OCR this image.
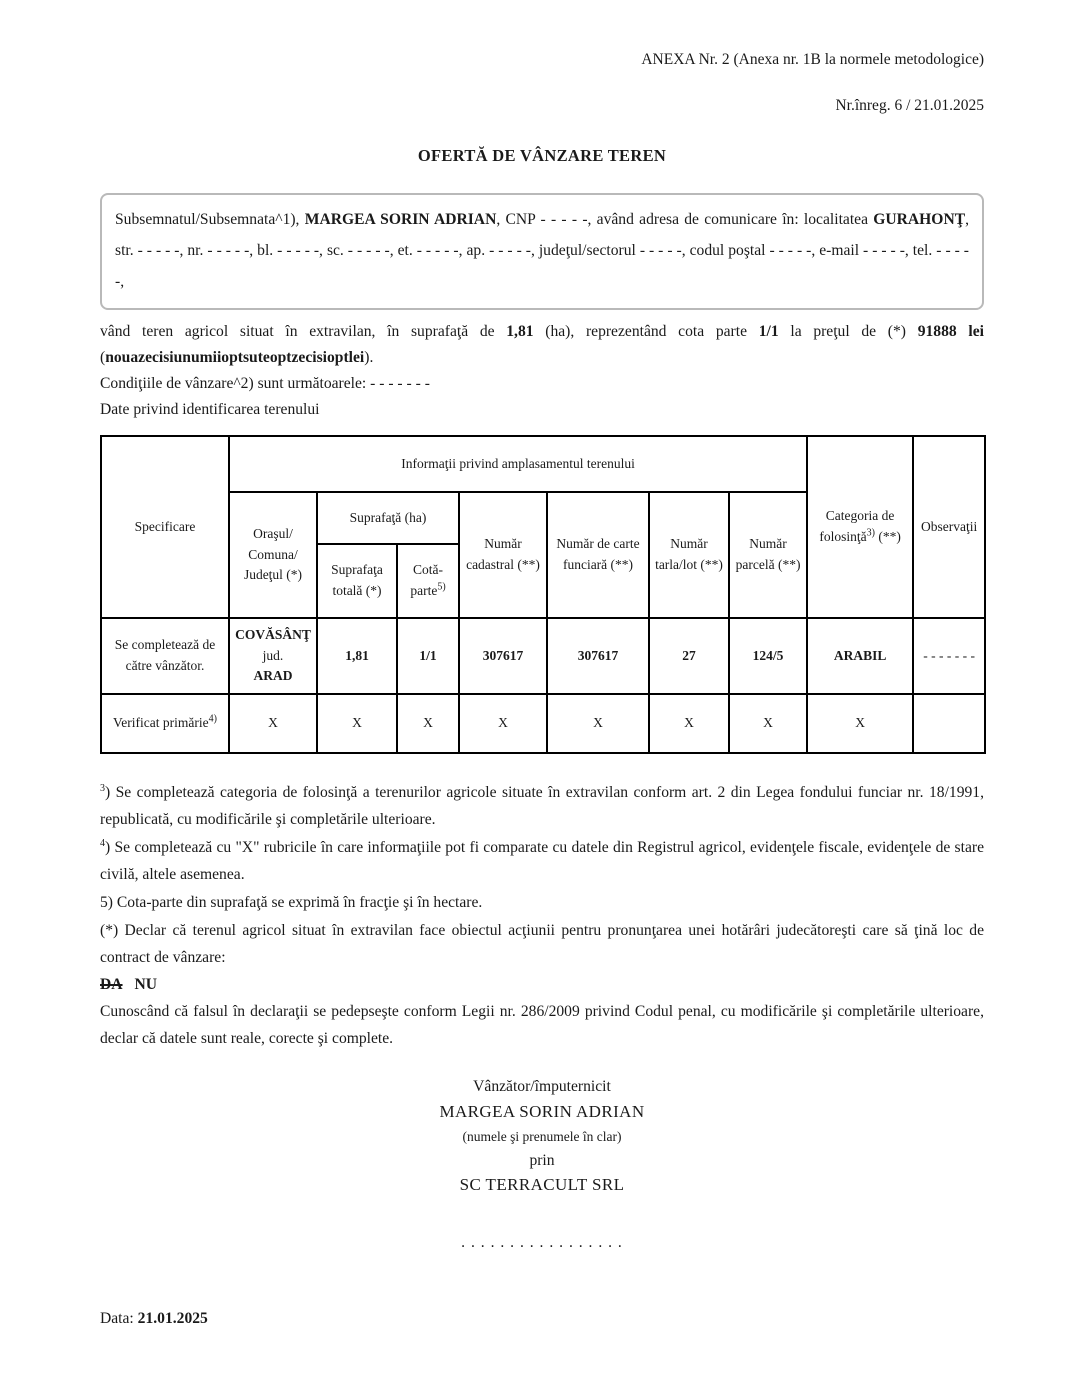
ANEXA Nr. 2 (Anexa nr. 1B la normele metodologice)
Nr.înreg. 6 / 21.01.2025
OFERTĂ DE VÂNZARE TEREN
Subsemnatul/Subsemnata^1), MARGEA SORIN ADRIAN, CNP - - - - -, având adresa de comunicare în: localitatea GURAHONŢ, str. - - - - -, nr. - - - - -, bl. - - - - -, sc. - - - - -, et. - - - - -, ap. - - - - -, judeţul/sectorul - - - - -, codul poştal - - - - -, e-mail - - - - -, tel. - - - - -,
vând teren agricol situat în extravilan, în suprafaţă de 1,81 (ha), reprezentând cota parte 1/1 la preţul de (*) 91888 lei (nouazecisiunumiioptsuteoptzecisioptlei).
Condiţiile de vânzare^2) sunt următoarele: - - - - - - -
Date privind identificarea terenului
Specificare	Informaţii privind amplasamentul terenului							Categoria de folosinţă$^{3)}$ (**)	Observaţii
	Oraşul/ Comuna/ Judeţul (*)	Suprafaţă (ha)		Număr cadastral (**)	Număr de carte funciară (**)	Număr tarla/lot (**)	Număr parcelă (**)		
		Suprafaţa totală (*)	Cotă-parte$^{5)}$
Se completează de către vânzător.	COVĂSÂNŢ
jud.
ARAD	1,81	1/1	307617	307617	27	124/5	ARABIL	- - - - - - -
Verificat primărie$^{4)}$	X	X	X	X	X	X	X	X	
$^3$) Se completează categoria de folosinţă a terenurilor agricole situate în extravilan conform art. 2 din Legea fondului funciar nr. 18/1991, republicată, cu modificările şi completările ulterioare.
$^4$) Se completează cu "X" rubricile în care informaţiile pot fi comparate cu datele din Registrul agricol, evidenţele fiscale, evidenţele de stare civilă, altele asemenea.
5) Cota-parte din suprafaţă se exprimă în fracţie şi în hectare.
(*) Declar că terenul agricol situat în extravilan face obiectul acţiunii pentru pronunţarea unei hotărâri judecătoreşti care să ţină loc de contract de vânzare:
DA NU
Cunoscând că falsul în declaraţii se pedepseşte conform Legii nr. 286/2009 privind Codul penal, cu modificările şi completările ulterioare, declar că datele sunt reale, corecte şi complete.
Vânzător/împuternicit
MARGEA SORIN ADRIAN
(numele şi prenumele în clar)
prin
SC TERRACULT SRL
. . . . . . . . . . . . . . . . .
Data: 21.01.2025
